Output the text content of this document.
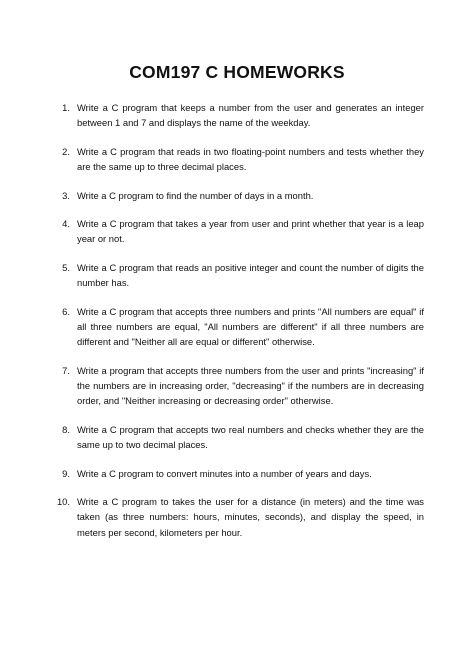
COM197 C HOMEWORKS
1. Write a C program that keeps a number from the user and generates an integer between 1 and 7 and displays the name of the weekday.
2. Write a C program that reads in two floating-point numbers and tests whether they are the same up to three decimal places.
3. Write a C program to find the number of days in a month.
4. Write a C program that takes a year from user and print whether that year is a leap year or not.
5. Write a C program that reads an positive integer and count the number of digits the number has.
6. Write a C program that accepts three numbers and prints "All numbers are equal" if all three numbers are equal, "All numbers are different" if all three numbers are different and "Neither all are equal or different" otherwise.
7. Write a program that accepts three numbers from the user and prints "increasing" if the numbers are in increasing order, "decreasing" if the numbers are in decreasing order, and "Neither increasing or decreasing order" otherwise.
8. Write a C program that accepts two real numbers and checks whether they are the same up to two decimal places.
9. Write a C program to convert minutes into a number of years and days.
10. Write a C program to takes the user for a distance (in meters) and the time was taken (as three numbers: hours, minutes, seconds), and display the speed, in meters per second, kilometers per hour.
